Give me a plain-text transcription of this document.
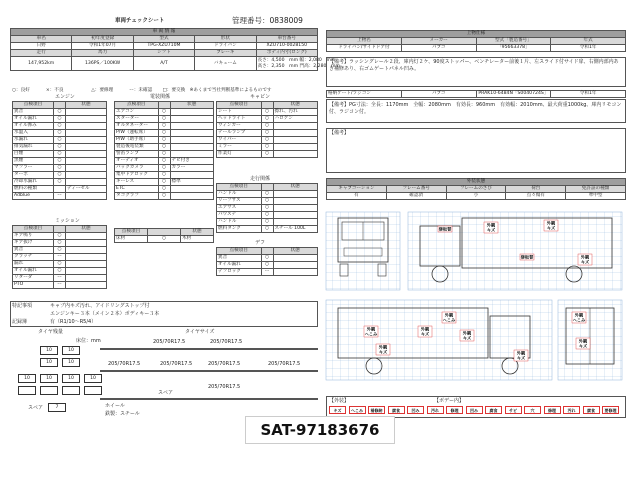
車両チェックシート	管理番号：0838009
車 両 情 報				
車名	初年度登録	型式	形状	車台番号
日野	令和1年07月	TPG-XZU710M	ドライバン	XZU710-0028150
走行	馬力	シフト	ブレーキ	ボディ内寸(ロング)
147,952km	136PS／100KW	A/T	バキューム	長さ：4,500　mm 幅：2,080　mm
高さ：2,350　mm 門高：2,280　mm
○：良好	×：不良	△：要修理	ー：未確認 □：要交換 ※あくまで当社判断基準によるものです
エンジン	電装関係	キャビン
点検項目		状態
異音	○	
オイル漏れ	○	
オイル滲み	○	
水温入	○	
水漏れ	○	
排気漏れ	○	
白煙	○	
黒煙	○	
マフラー	○	
ターボ	○	
冷却水漏れ	○	
燃料の種類		ディーゼル
Adblue	ー	
点検項目		状態
エアコン	○	
スターター	○	
オルタネーター	○	
P/W（運転席）	○	
P/W（助手席）	○	
製造後電装類	○	
警笛ランプ	○	
オーディオ	○	ナビ付き
バックカメラ	○	カラー
集中ドアロック	○	
キーレス	○	標準
ETC	○	
タコグラフ	○	
点検項目		状態
シート	○	擦れ、汚れ
ヘッドライト	○	ハロゲン
ウィンカー	○	
テールランプ	○	
ワイパー	○	
ミラー	○	
作業灯	○	
走行関係
点検項目		状態
ハンドル	○	
リーフサス	○	
エアサス	○	
パワステ	○	
ハンドル	○	
燃料タンク	○	スチール 100L
ミッション
点検項目		状態
ギア鳴り	○	
ギア抜け	○	
異音	○	
クラッチ	ー	
漏れ	○	
オイル漏れ	○	
リターダ	ー	
PTO	ー	
デフ
点検項目		状態
異音	○	
オイル漏れ	○	
デフロック	ー	
点検項目		状態
床材	○	木材
特記事項	キャブ内キズ汚れ、アイドリングストップ付
エンジンキー３本（メイン２本）ボディキー３本
記録簿	有（R1/10〜R5/4）
タイヤ残量
床位：mm
10	10
10	10
10	10	10	10
スペア	7
タイヤサイズ
205/70R17.5	205/70R17.5
205/70R17.5	205/70R17.5	205/70R17.5	205/70R17.5
スペア
205/70R17.5
ホイール
鉄製：スチール
上物仕様			
上物名	メーカー	型式「製造番号」	年式
ドライバン/サイドドア付	パブコ	「95663378」	令和1年
【備考】ラッシングレール２段、庫内灯２ケ、90度ストッパー、ベンチレーター前後１片、左スライド付サイド扉、右側内部内あき補修あり、右ゴムゲートパネル凹み。
格納ゲート/ラジコン	パブコ	PRAK10-6484N「S0040724S」	令和1年
【備考】PG寸法：全長：1170mm　全幅：2080mm　有効長：960mm　有効幅：2010mm、最大荷重1000kg、庫内リモコン付、ラジコン付。
【備考】
外装状態				
キャブコーション	フレーム番号	フレームのさび	荷台	免許証の種類
有	確認済	小	点々傷有	準中型
修板替
外観
キズ
外観
キズ
修板替	外観
キズ
外観
へこみ
外観
キズ
外観
へこみ
外観
キズ
外観
キズ	外観
キズ
外観
へこみ
外観
キズ
【外装】	【ボデー内】
キズ	へこみ	補修跡	腐食	凹み	汚れ	修理	凹み	腐食	サビ	穴	修理	汚れ	腐食	要修理
SAT-97183676
